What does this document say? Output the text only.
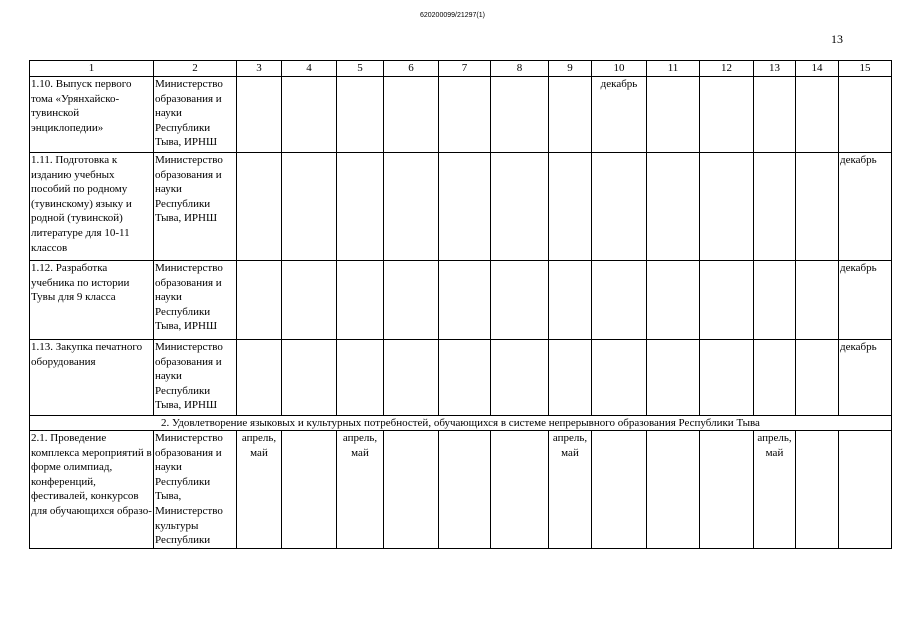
620200099/21297(1)
13
1	2	3	4	5	6	7	8	9	10	11	12	13	14	15
1.10. Выпуск первого тома «Урянхайско-тувинской энциклопедии»	Министерство образования и науки Республики Тыва, ИРНШ								декабрь					
1.11. Подготовка к изданию учебных пособий по родному (тувинскому) языку и родной (тувинской) литературе для 10-11 классов	Министерство образования и науки Республики Тыва, ИРНШ													декабрь
1.12. Разработка учебника по истории Тувы для 9 класса	Министерство образования и науки Республики Тыва, ИРНШ													декабрь
1.13. Закупка печатного оборудования	Министерство образования и науки Республики Тыва, ИРНШ													декабрь
2. Удовлетворение языковых и культурных потребностей, обучающихся в системе непрерывного образования Республики Тыва														
2.1. Проведение комплекса мероприятий в форме олимпиад, конференций, фестивалей, конкурсов для обучающихся образо-	Министерство образования и науки Республики Тыва, Министерство культуры Республики	апрель, май		апрель, май				апрель, май				апрель, май		
